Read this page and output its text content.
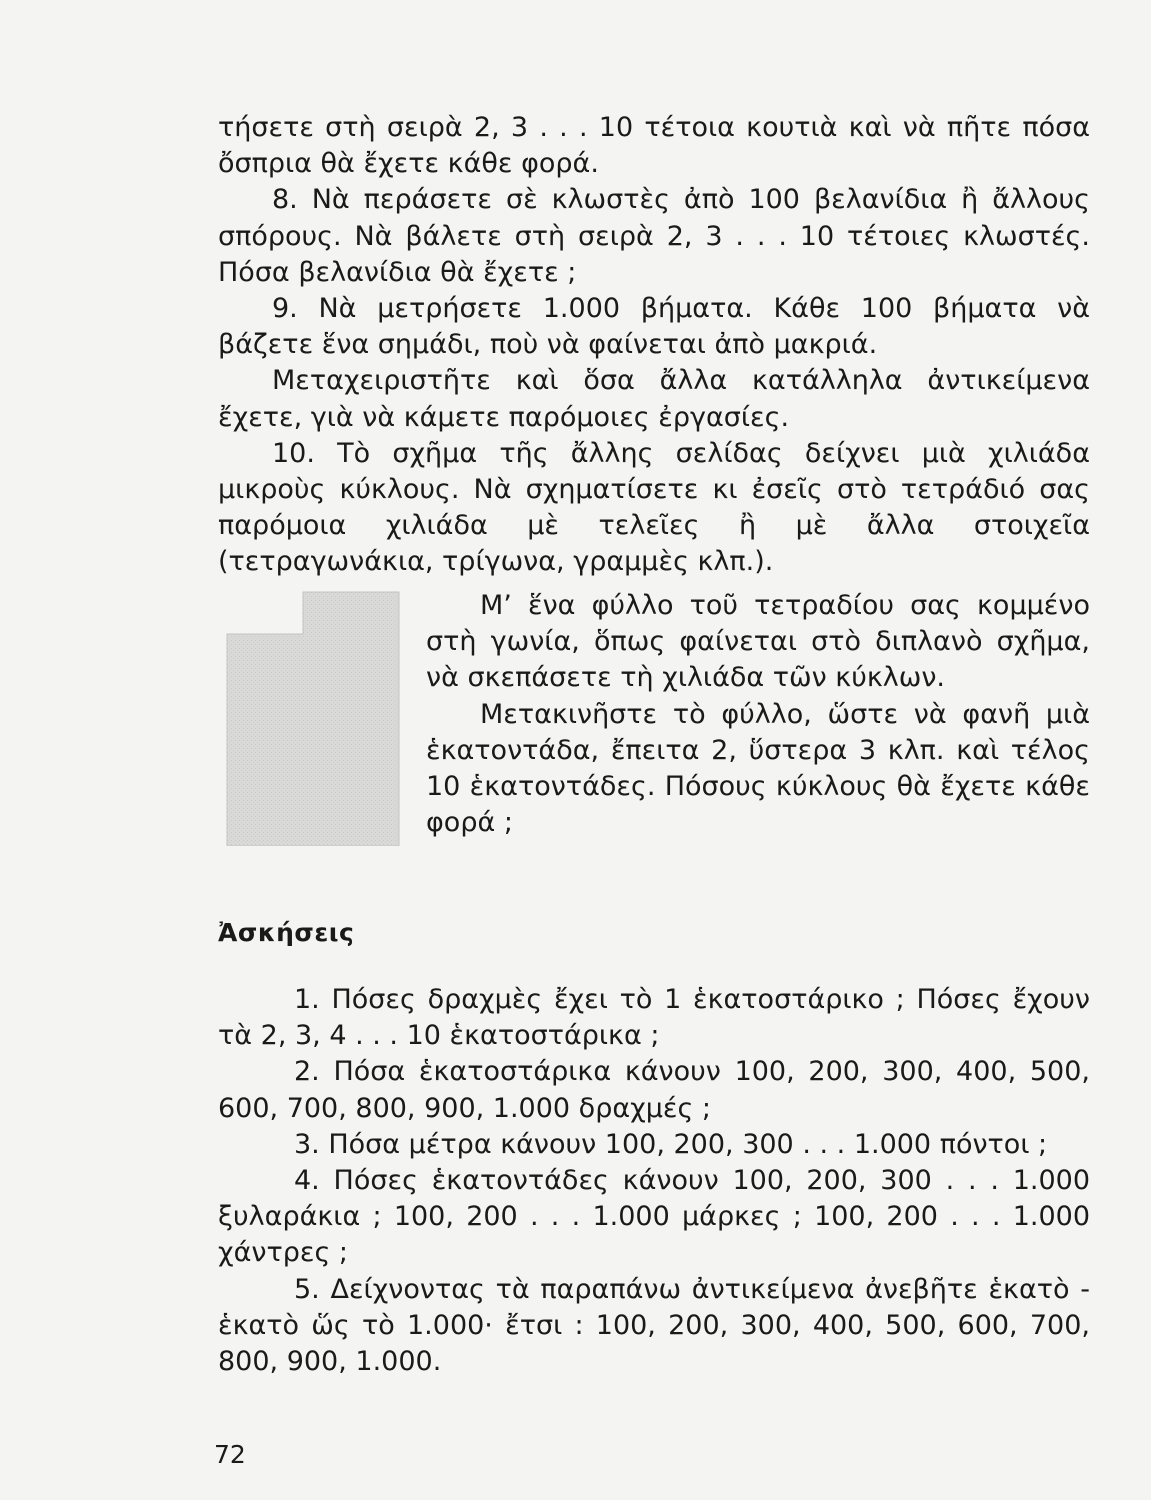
τήσετε στὴ σειρὰ 2, 3 . . . 10 τέτοια κουτιὰ καὶ νὰ πῆτε πόσα ὄσπρια θὰ ἔχετε κάθε φορά.

8. Νὰ περάσετε σὲ κλωστὲς ἀπὸ 100 βελανίδια ἢ ἄλλους σπόρους. Νὰ βάλετε στὴ σειρὰ 2, 3 . . . 10 τέτοιες κλωστές. Πόσα βελανίδια θὰ ἔχετε ;

9. Νὰ μετρήσετε 1.000 βήματα. Κάθε 100 βήματα νὰ βάζετε ἕνα σημάδι, ποὺ νὰ φαίνεται ἀπὸ μακριά.

Μεταχειριστῆτε καὶ ὅσα ἄλλα κατάλληλα ἀντικείμενα ἔχετε, γιὰ νὰ κάμετε παρόμοιες ἐργασίες.

10. Τὸ σχῆμα τῆς ἄλλης σελίδας δείχνει μιὰ χιλιάδα μικροὺς κύκλους. Νὰ σχηματίσετε κι ἐσεῖς στὸ τετράδιό σας παρόμοια χιλιάδα μὲ τελεῖες ἢ μὲ ἄλλα στοιχεῖα (τετραγωνάκια, τρίγωνα, γραμμὲς κλπ.).

Μ’ ἕνα φύλλο τοῦ τετραδίου σας κομμένο στὴ γωνία, ὅπως φαίνεται στὸ διπλανὸ σχῆμα, νὰ σκεπάσετε τὴ χιλιάδα τῶν κύκλων.

Μετακινῆστε τὸ φύλλο, ὥστε νὰ φανῆ μιὰ ἑκατοντάδα, ἔπειτα 2, ὕστερα 3 κλπ. καὶ τέλος 10 ἑκατοντάδες. Πόσους κύκλους θὰ ἔχετε κάθε φορά ;

Ἀσκήσεις

1. Πόσες δραχμὲς ἔχει τὸ 1 ἑκατοστάρικο ; Πόσες ἔχουν τὰ 2, 3, 4 . . . 10 ἑκατοστάρικα ;

2. Πόσα ἑκατοστάρικα κάνουν 100, 200, 300, 400, 500, 600, 700, 800, 900, 1.000 δραχμές ;

3. Πόσα μέτρα κάνουν 100, 200, 300 . . . 1.000 πόντοι ;

4. Πόσες ἑκατοντάδες κάνουν 100, 200, 300 . . . 1.000 ξυλαράκια ; 100, 200 . . . 1.000 μάρκες ; 100, 200 . . . 1.000 χάντρες ;

5. Δείχνοντας τὰ παραπάνω ἀντικείμενα ἀνεβῆτε ἑκατὸ - ἑκατὸ ὥς τὸ 1.000· ἔτσι : 100, 200, 300, 400, 500, 600, 700, 800, 900, 1.000.

72
